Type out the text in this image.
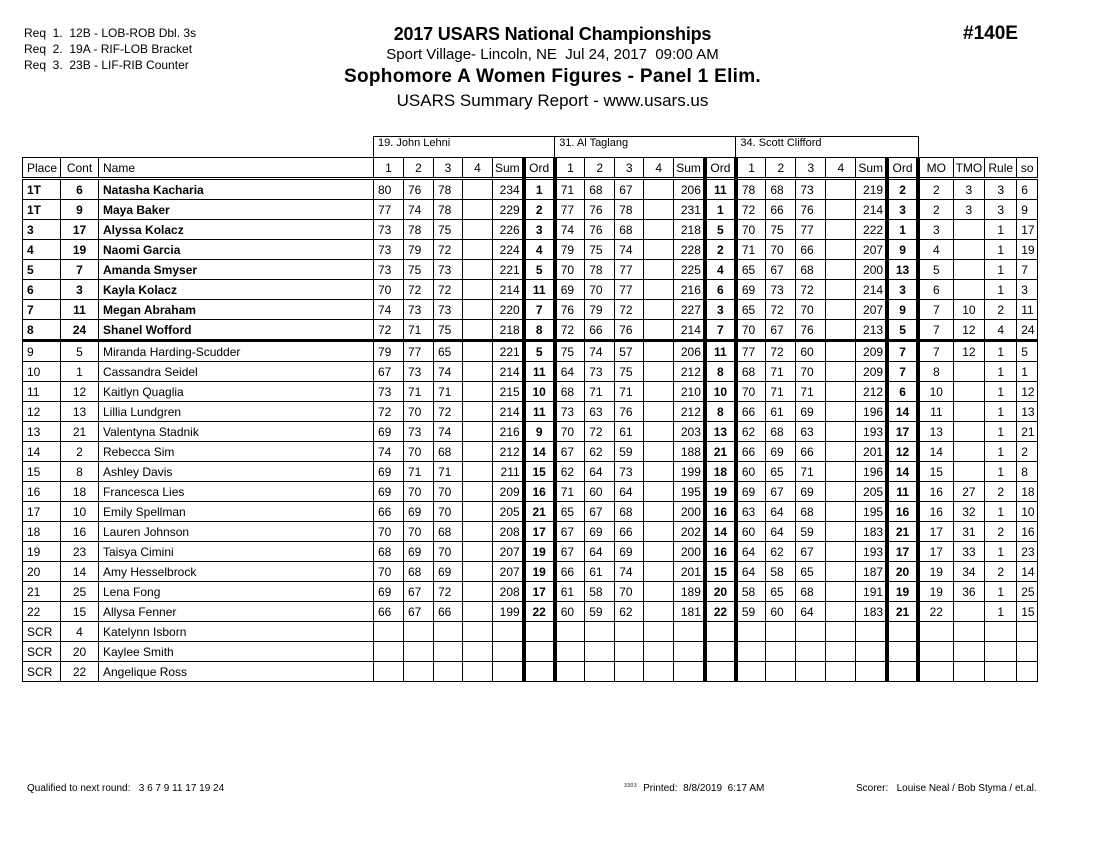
Req  1.  12B - LOB-ROB Dbl. 3s
Req  2.  19A - RIF-LOB Bracket
Req  3.  23B - LIF-RIB Counter
2017 USARS National Championships
Sport Village- Lincoln, NE  Jul 24, 2017  09:00 AM
Sophomore A Women Figures - Panel 1 Elim.
USARS Summary Report - www.usars.us
#140E
			19. John Lehni						31. Al Taglang						34. Scott Clifford									
Place	Cont	Name	1	2	3	4	Sum	Ord	1	2	3	4	Sum	Ord	1	2	3	4	Sum	Ord	MO	TMO	Rule	so
1T	6	Natasha Kacharia	80	76	78		234	1	71	68	67		206	11	78	68	73		219	2	2	3	3	6
1T	9	Maya Baker	77	74	78		229	2	77	76	78		231	1	72	66	76		214	3	2	3	3	9
3	17	Alyssa Kolacz	73	78	75		226	3	74	76	68		218	5	70	75	77		222	1	3		1	17
4	19	Naomi Garcia	73	79	72		224	4	79	75	74		228	2	71	70	66		207	9	4		1	19
5	7	Amanda Smyser	73	75	73		221	5	70	78	77		225	4	65	67	68		200	13	5		1	7
6	3	Kayla Kolacz	70	72	72		214	11	69	70	77		216	6	69	73	72		214	3	6		1	3
7	11	Megan Abraham	74	73	73		220	7	76	79	72		227	3	65	72	70		207	9	7	10	2	11
8	24	Shanel Wofford	72	71	75		218	8	72	66	76		214	7	70	67	76		213	5	7	12	4	24
9	5	Miranda Harding-Scudder	79	77	65		221	5	75	74	57		206	11	77	72	60		209	7	7	12	1	5
10	1	Cassandra Seidel	67	73	74		214	11	64	73	75		212	8	68	71	70		209	7	8		1	1
11	12	Kaitlyn Quaglia	73	71	71		215	10	68	71	71		210	10	70	71	71		212	6	10		1	12
12	13	Lillia Lundgren	72	70	72		214	11	73	63	76		212	8	66	61	69		196	14	11		1	13
13	21	Valentyna Stadnik	69	73	74		216	9	70	72	61		203	13	62	68	63		193	17	13		1	21
14	2	Rebecca Sim	74	70	68		212	14	67	62	59		188	21	66	69	66		201	12	14		1	2
15	8	Ashley Davis	69	71	71		211	15	62	64	73		199	18	60	65	71		196	14	15		1	8
16	18	Francesca Lies	69	70	70		209	16	71	60	64		195	19	69	67	69		205	11	16	27	2	18
17	10	Emily Spellman	66	69	70		205	21	65	67	68		200	16	63	64	68		195	16	16	32	1	10
18	16	Lauren Johnson	70	70	68		208	17	67	69	66		202	14	60	64	59		183	21	17	31	2	16
19	23	Taisya Cimini	68	69	70		207	19	67	64	69		200	16	64	62	67		193	17	17	33	1	23
20	14	Amy Hesselbrock	70	68	69		207	19	66	61	74		201	15	64	58	65		187	20	19	34	2	14
21	25	Lena Fong	69	67	72		208	17	61	58	70		189	20	58	65	68		191	19	19	36	1	25
22	15	Allysa Fenner	66	67	66		199	22	60	59	62		181	22	59	60	64		183	21	22		1	15
SCR	4	Katelynn Isborn																						
SCR	20	Kaylee Smith																						
SCR	22	Angelique Ross																						
Qualified to next round:   3 6 7 9 11 17 19 24	$^{3303}$ Printed:  8/8/2019  6:17 AM	Scorer:   Louise Neal / Bob Styma / et.al.
